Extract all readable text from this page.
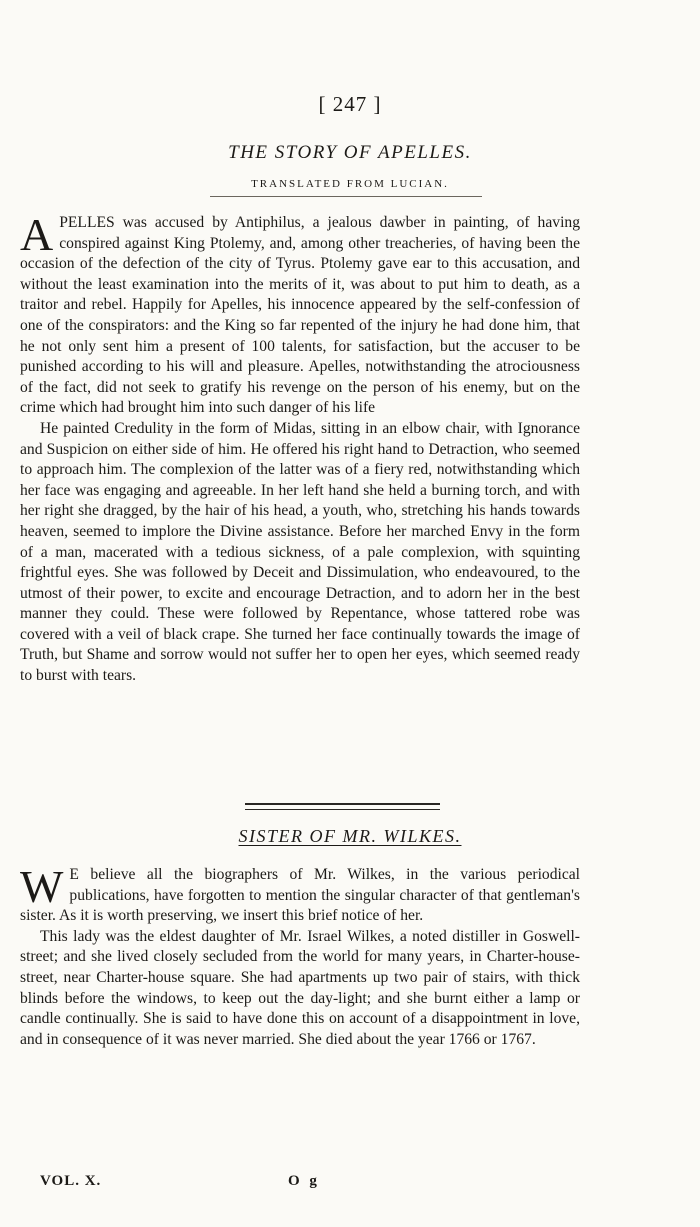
[ 247 ]
THE STORY OF APELLES.
TRANSLATED FROM LUCIAN.

APELLES was accused by Antiphilus, a jealous dawber in painting, of having conspired against King Ptolemy, and, among other treacheries, of having been the occasion of the defection of the city of Tyrus. Ptolemy gave ear to this accusation, and without the least examination into the merits of it, was about to put him to death, as a traitor and rebel. Happily for Apelles, his innocence appeared by the self-confession of one of the conspirators: and the King so far repented of the injury he had done him, that he not only sent him a present of 100 talents, for satisfaction, but the accuser to be punished according to his will and pleasure. Apelles, notwithstanding the atrociousness of the fact, did not seek to gratify his revenge on the person of his enemy, but on the crime which had brought him into such danger of his life

He painted Credulity in the form of Midas, sitting in an elbow chair, with Ignorance and Suspicion on either side of him. He offered his right hand to Detraction, who seemed to approach him. The complexion of the latter was of a fiery red, notwithstanding which her face was engaging and agreeable. In her left hand she held a burning torch, and with her right she dragged, by the hair of his head, a youth, who, stretching his hands towards heaven, seemed to implore the Divine assistance. Before her marched Envy in the form of a man, macerated with a tedious sickness, of a pale complexion, with squinting frightful eyes. She was followed by Deceit and Dissimulation, who endeavoured, to the utmost of their power, to excite and encourage Detraction, and to adorn her in the best manner they could. These were followed by Repentance, whose tattered robe was covered with a veil of black crape. She turned her face continually towards the image of Truth, but Shame and sorrow would not suffer her to open her eyes, which seemed ready to burst with tears.

SISTER OF MR. WILKES.

W E believe all the biographers of Mr. Wilkes, in the various periodical publications, have forgotten to mention the singular character of that gentleman's sister. As it is worth preserving, we insert this brief notice of her.

This lady was the eldest daughter of Mr. Israel Wilkes, a noted distiller in Goswell-street; and she lived closely secluded from the world for many years, in Charter-house-street, near Charter-house square. She had apartments up two pair of stairs, with thick blinds before the windows, to keep out the day-light; and she burnt either a lamp or candle continually. She is said to have done this on account of a disappointment in love, and in consequence of it was never married. She died about the year 1766 or 1767.

VOL. X.	O g
